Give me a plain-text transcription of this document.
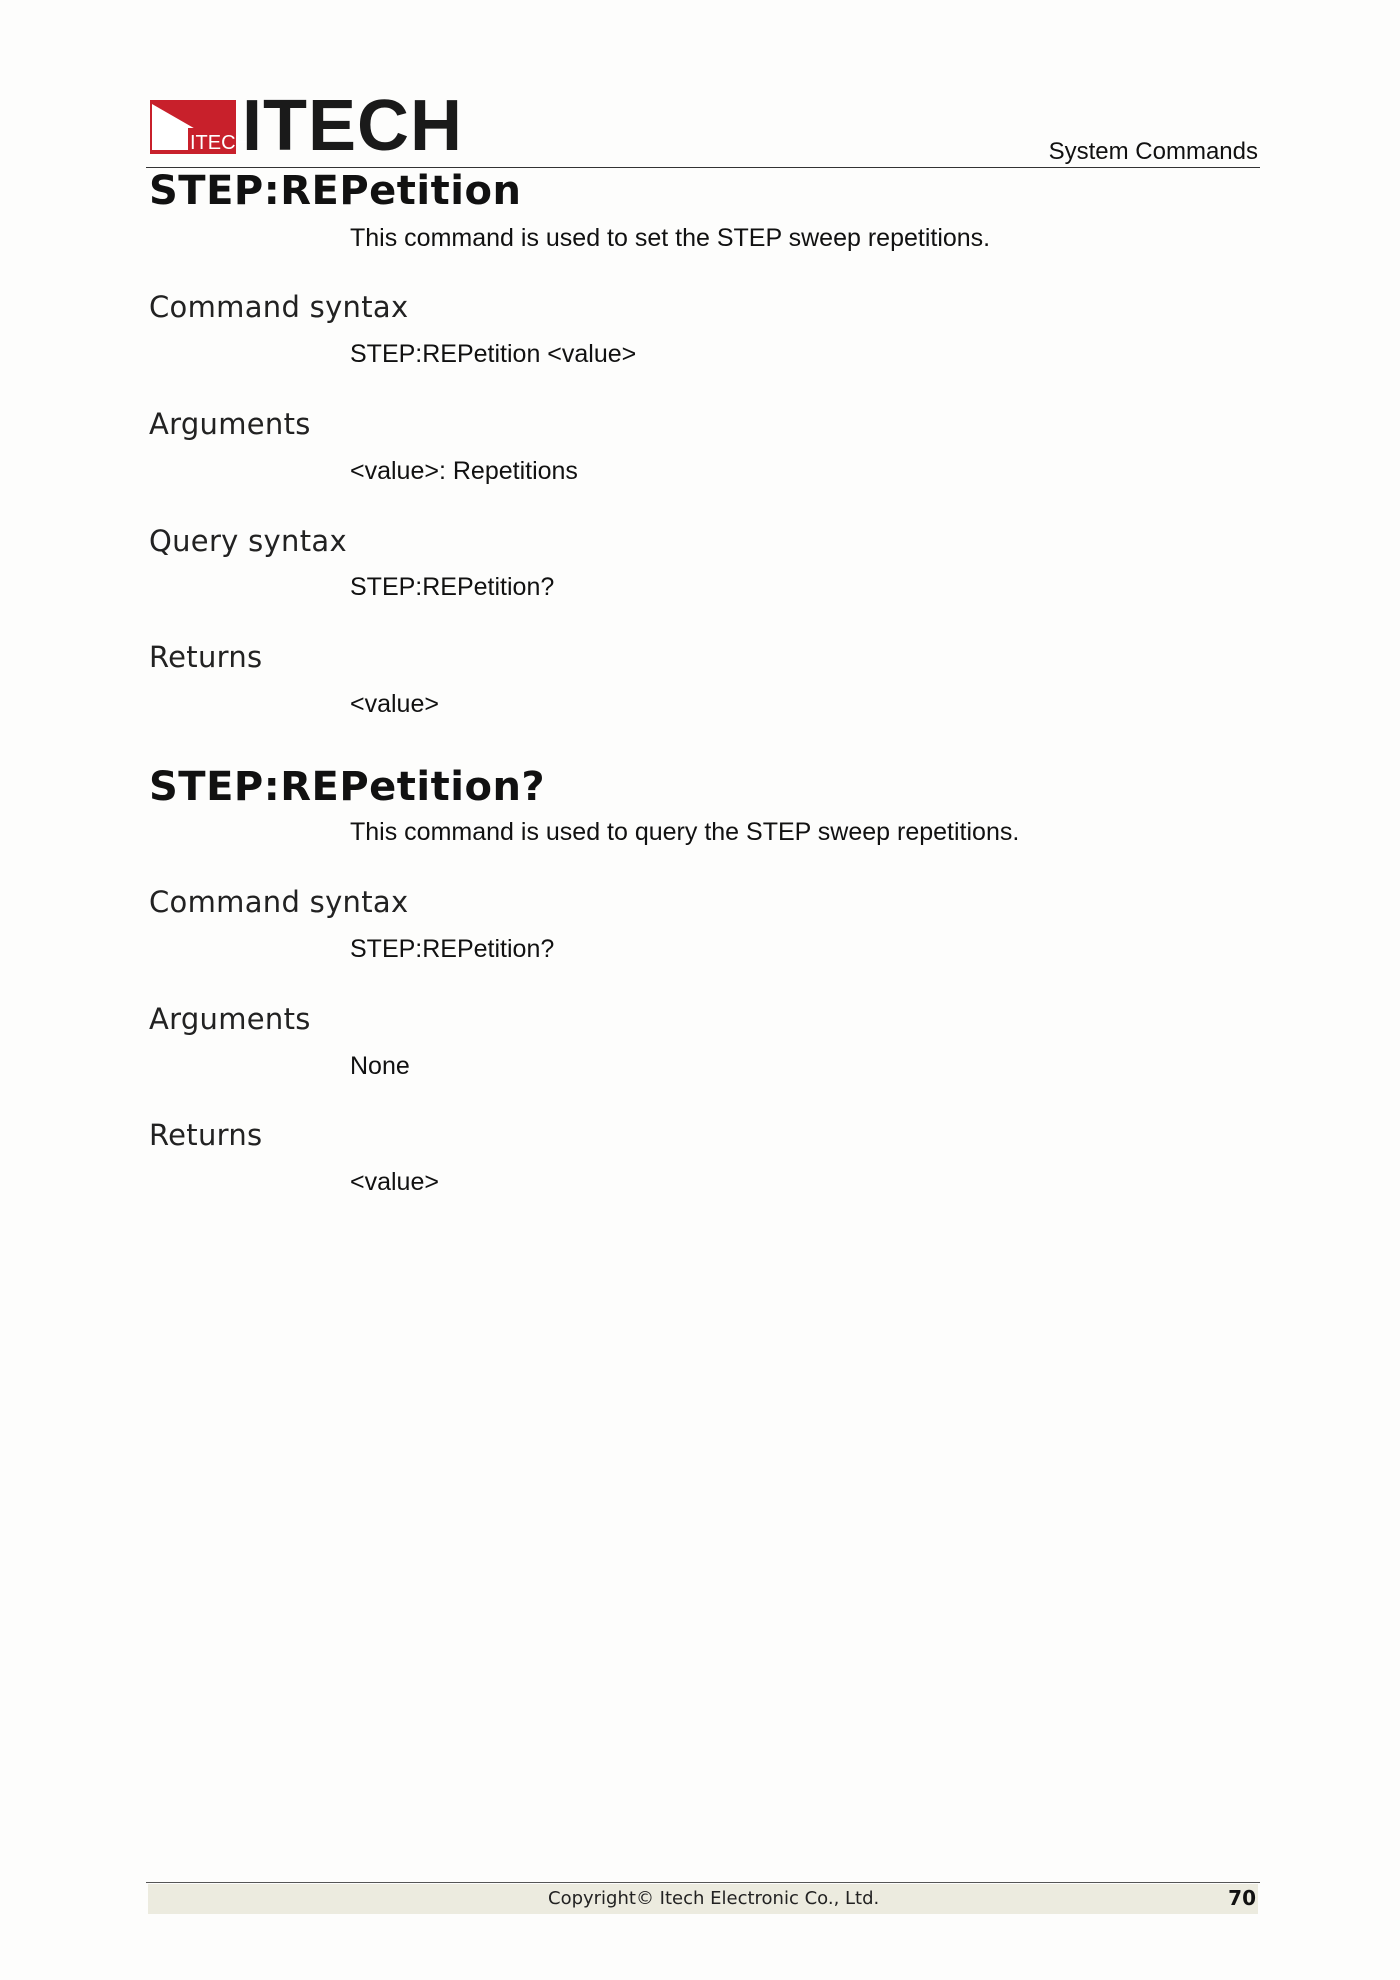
ITECH
ITECH	System Commands
STEP:REPetition
This command is used to set the STEP sweep repetitions.
Command syntax
STEP:REPetition <value>
Arguments
<value>: Repetitions
Query syntax
STEP:REPetition?
Returns
<value>
STEP:REPetition?
This command is used to query the STEP sweep repetitions.
Command syntax
STEP:REPetition?
Arguments
None
Returns
<value>
Copyright© Itech Electronic Co., Ltd.	70
